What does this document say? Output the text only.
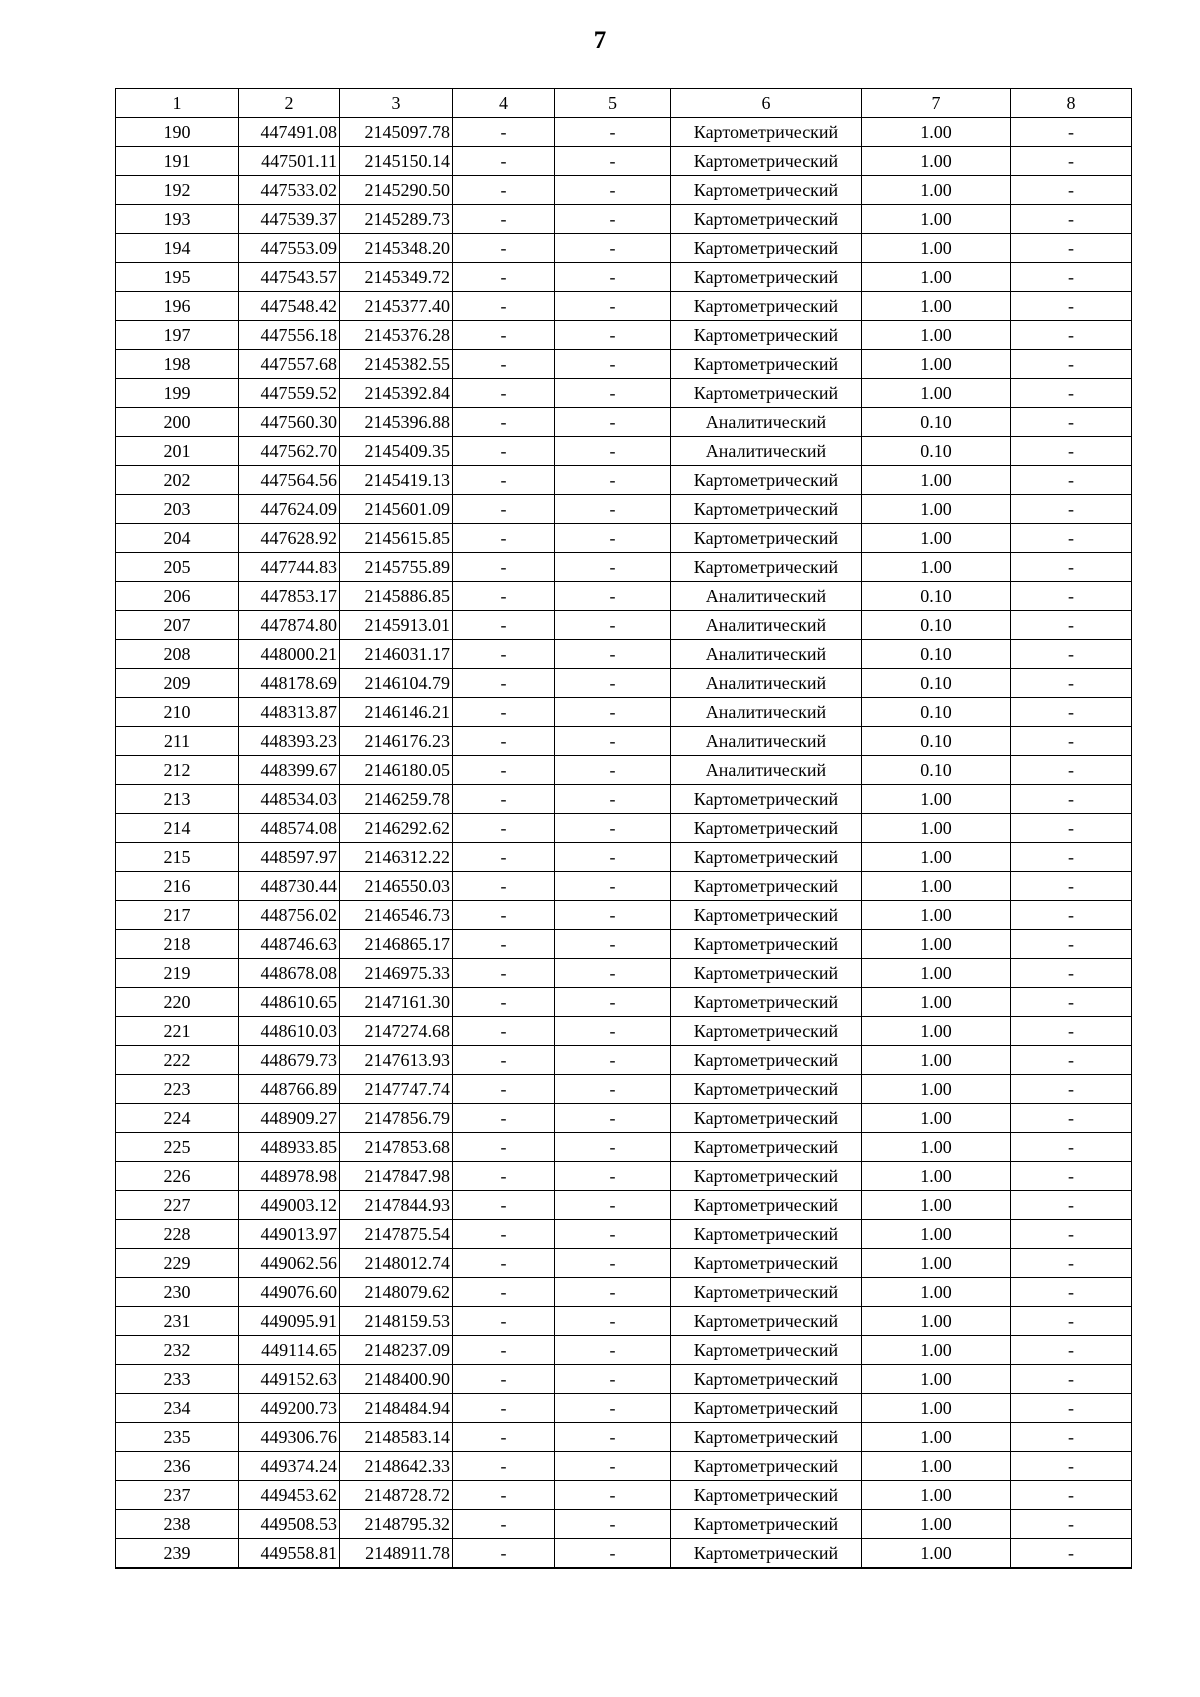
7
1	2	3	4	5	6	7	8
190	447491.08	2145097.78	-	-	Картометрический	1.00	-
191	447501.11	2145150.14	-	-	Картометрический	1.00	-
192	447533.02	2145290.50	-	-	Картометрический	1.00	-
193	447539.37	2145289.73	-	-	Картометрический	1.00	-
194	447553.09	2145348.20	-	-	Картометрический	1.00	-
195	447543.57	2145349.72	-	-	Картометрический	1.00	-
196	447548.42	2145377.40	-	-	Картометрический	1.00	-
197	447556.18	2145376.28	-	-	Картометрический	1.00	-
198	447557.68	2145382.55	-	-	Картометрический	1.00	-
199	447559.52	2145392.84	-	-	Картометрический	1.00	-
200	447560.30	2145396.88	-	-	Аналитический	0.10	-
201	447562.70	2145409.35	-	-	Аналитический	0.10	-
202	447564.56	2145419.13	-	-	Картометрический	1.00	-
203	447624.09	2145601.09	-	-	Картометрический	1.00	-
204	447628.92	2145615.85	-	-	Картометрический	1.00	-
205	447744.83	2145755.89	-	-	Картометрический	1.00	-
206	447853.17	2145886.85	-	-	Аналитический	0.10	-
207	447874.80	2145913.01	-	-	Аналитический	0.10	-
208	448000.21	2146031.17	-	-	Аналитический	0.10	-
209	448178.69	2146104.79	-	-	Аналитический	0.10	-
210	448313.87	2146146.21	-	-	Аналитический	0.10	-
211	448393.23	2146176.23	-	-	Аналитический	0.10	-
212	448399.67	2146180.05	-	-	Аналитический	0.10	-
213	448534.03	2146259.78	-	-	Картометрический	1.00	-
214	448574.08	2146292.62	-	-	Картометрический	1.00	-
215	448597.97	2146312.22	-	-	Картометрический	1.00	-
216	448730.44	2146550.03	-	-	Картометрический	1.00	-
217	448756.02	2146546.73	-	-	Картометрический	1.00	-
218	448746.63	2146865.17	-	-	Картометрический	1.00	-
219	448678.08	2146975.33	-	-	Картометрический	1.00	-
220	448610.65	2147161.30	-	-	Картометрический	1.00	-
221	448610.03	2147274.68	-	-	Картометрический	1.00	-
222	448679.73	2147613.93	-	-	Картометрический	1.00	-
223	448766.89	2147747.74	-	-	Картометрический	1.00	-
224	448909.27	2147856.79	-	-	Картометрический	1.00	-
225	448933.85	2147853.68	-	-	Картометрический	1.00	-
226	448978.98	2147847.98	-	-	Картометрический	1.00	-
227	449003.12	2147844.93	-	-	Картометрический	1.00	-
228	449013.97	2147875.54	-	-	Картометрический	1.00	-
229	449062.56	2148012.74	-	-	Картометрический	1.00	-
230	449076.60	2148079.62	-	-	Картометрический	1.00	-
231	449095.91	2148159.53	-	-	Картометрический	1.00	-
232	449114.65	2148237.09	-	-	Картометрический	1.00	-
233	449152.63	2148400.90	-	-	Картометрический	1.00	-
234	449200.73	2148484.94	-	-	Картометрический	1.00	-
235	449306.76	2148583.14	-	-	Картометрический	1.00	-
236	449374.24	2148642.33	-	-	Картометрический	1.00	-
237	449453.62	2148728.72	-	-	Картометрический	1.00	-
238	449508.53	2148795.32	-	-	Картометрический	1.00	-
239	449558.81	2148911.78	-	-	Картометрический	1.00	-
